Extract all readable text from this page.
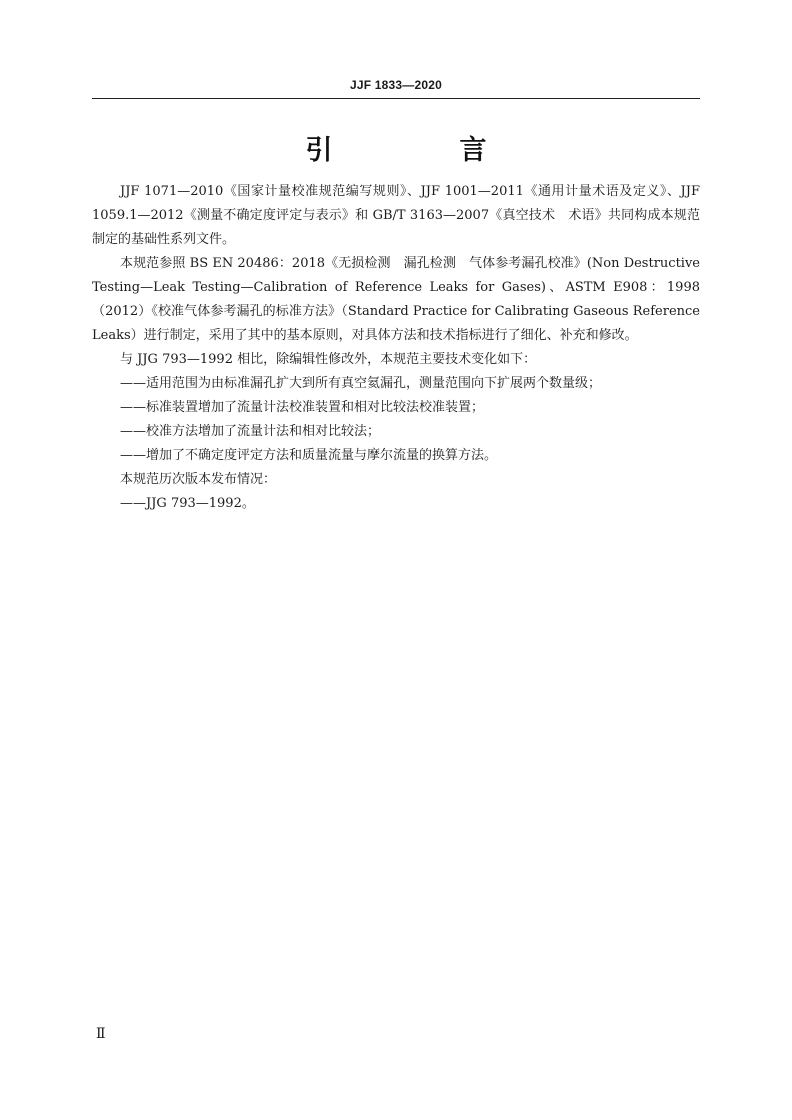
JJF 1833—2020
引　言

JJF 1071—2010《国家计量校准规范编写规则》、JJF 1001—2011《通用计量术语及定义》、JJF 1059.1—2012《测量不确定度评定与表示》和 GB/T 3163—2007《真空技术　术语》共同构成本规范制定的基础性系列文件。

本规范参照 BS EN 20486：2018《无损检测　漏孔检测　气体参考漏孔校准》(Non Destructive Testing—Leak Testing—Calibration of Reference Leaks for Gases)、ASTM E908：1998（2012）《校准气体参考漏孔的标准方法》（Standard Practice for Calibrating Gaseous Reference Leaks）进行制定，采用了其中的基本原则，对具体方法和技术指标进行了细化、补充和修改。

与 JJG 793—1992 相比，除编辑性修改外，本规范主要技术变化如下：

——适用范围为由标准漏孔扩大到所有真空氦漏孔，测量范围向下扩展两个数量级；

——标准装置增加了流量计法校准装置和相对比较法校准装置；

——校准方法增加了流量计法和相对比较法；

——增加了不确定度评定方法和质量流量与摩尔流量的换算方法。

本规范历次版本发布情况：

——JJG 793—1992。

Ⅱ
